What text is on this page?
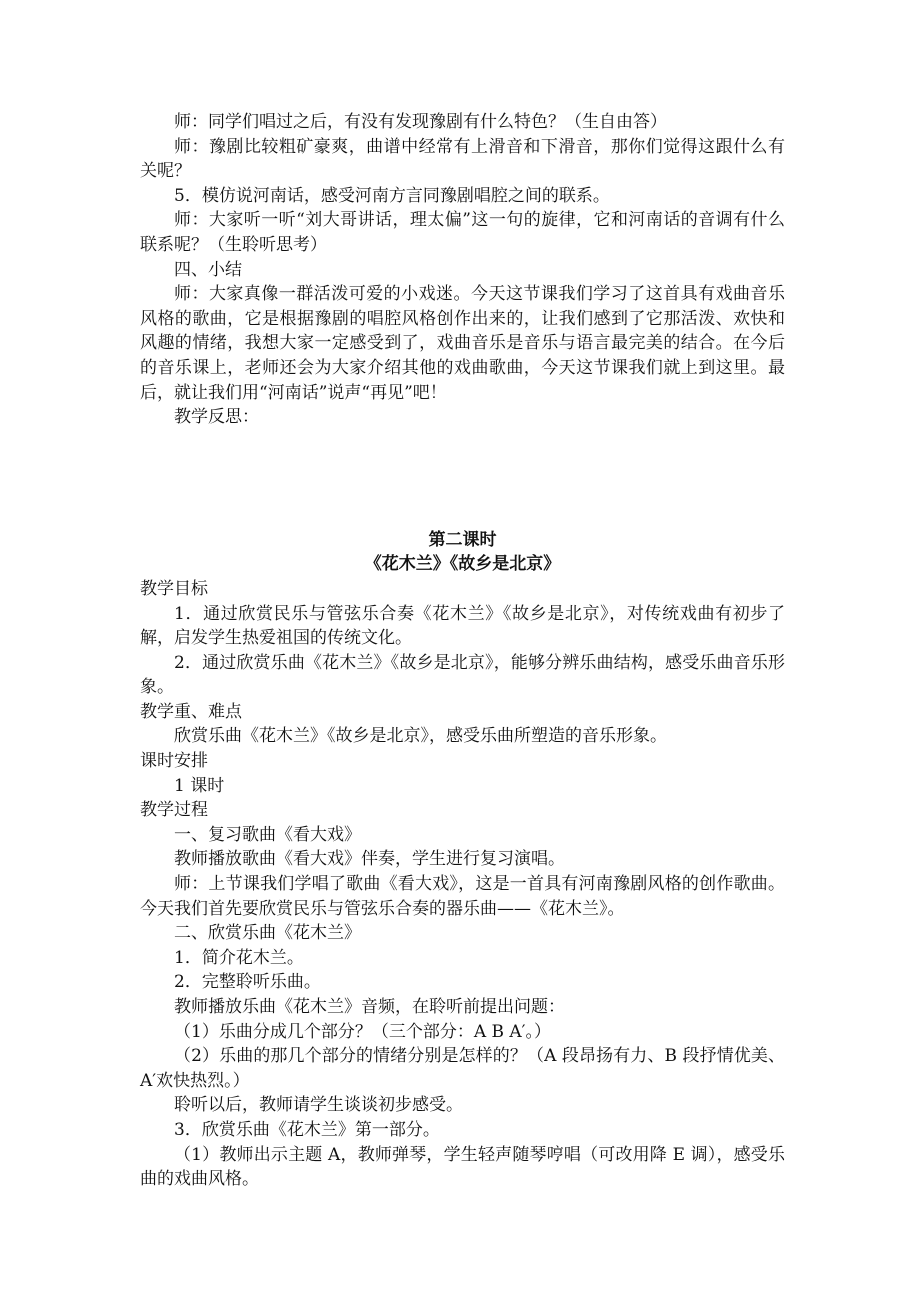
师：同学们唱过之后，有没有发现豫剧有什么特色？（生自由答）

师：豫剧比较粗矿豪爽，曲谱中经常有上滑音和下滑音，那你们觉得这跟什么有关呢？

5．模仿说河南话，感受河南方言同豫剧唱腔之间的联系。

师：大家听一听“刘大哥讲话，理太偏”这一句的旋律，它和河南话的音调有什么联系呢？（生聆听思考）

四、小结

师：大家真像一群活泼可爱的小戏迷。今天这节课我们学习了这首具有戏曲音乐风格的歌曲，它是根据豫剧的唱腔风格创作出来的，让我们感到了它那活泼、欢快和风趣的情绪，我想大家一定感受到了，戏曲音乐是音乐与语言最完美的结合。在今后的音乐课上，老师还会为大家介绍其他的戏曲歌曲，今天这节课我们就上到这里。最后，就让我们用“河南话”说声“再见”吧！

教学反思：

第二课时

《花木兰》《故乡是北京》

教学目标

1．通过欣赏民乐与管弦乐合奏《花木兰》《故乡是北京》，对传统戏曲有初步了解，启发学生热爱祖国的传统文化。

2．通过欣赏乐曲《花木兰》《故乡是北京》，能够分辨乐曲结构，感受乐曲音乐形象。

教学重、难点

欣赏乐曲《花木兰》《故乡是北京》，感受乐曲所塑造的音乐形象。

课时安排

1 课时

教学过程

一、复习歌曲《看大戏》

教师播放歌曲《看大戏》伴奏，学生进行复习演唱。

师：上节课我们学唱了歌曲《看大戏》，这是一首具有河南豫剧风格的创作歌曲。今天我们首先要欣赏民乐与管弦乐合奏的器乐曲——《花木兰》。

二、欣赏乐曲《花木兰》

1．简介花木兰。

2．完整聆听乐曲。

教师播放乐曲《花木兰》音频，在聆听前提出问题：

（1）乐曲分成几个部分？（三个部分：A B A′。）

（2）乐曲的那几个部分的情绪分别是怎样的？（A 段昂扬有力、B 段抒情优美、A′欢快热烈。）

聆听以后，教师请学生谈谈初步感受。

3．欣赏乐曲《花木兰》第一部分。

（1）教师出示主题 A，教师弹琴，学生轻声随琴哼唱（可改用降 E 调），感受乐曲的戏曲风格。
